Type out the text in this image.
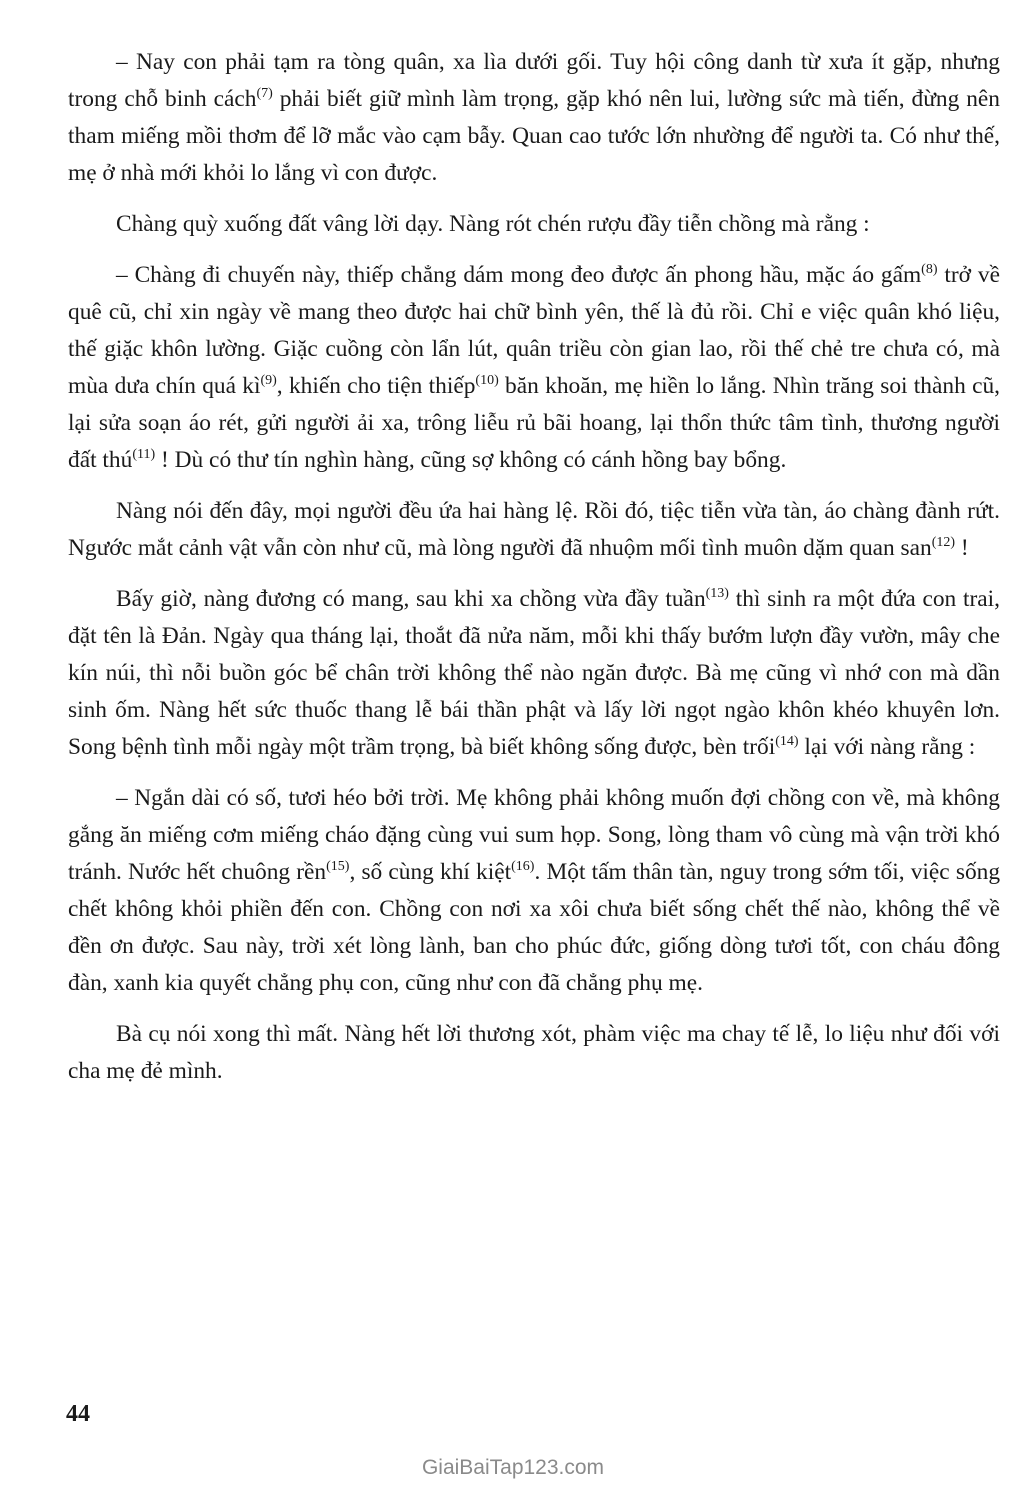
– Nay con phải tạm ra tòng quân, xa lìa dưới gối. Tuy hội công danh từ xưa ít gặp, nhưng trong chỗ binh cách$^{(7)}$ phải biết giữ mình làm trọng, gặp khó nên lui, lường sức mà tiến, đừng nên tham miếng mồi thơm để lỡ mắc vào cạm bẫy. Quan cao tước lớn nhường để người ta. Có như thế, mẹ ở nhà mới khỏi lo lắng vì con được.

Chàng quỳ xuống đất vâng lời dạy. Nàng rót chén rượu đầy tiễn chồng mà rằng :

– Chàng đi chuyến này, thiếp chẳng dám mong đeo được ấn phong hầu, mặc áo gấm$^{(8)}$ trở về quê cũ, chỉ xin ngày về mang theo được hai chữ bình yên, thế là đủ rồi. Chỉ e việc quân khó liệu, thế giặc khôn lường. Giặc cuồng còn lẩn lút, quân triều còn gian lao, rồi thế chẻ tre chưa có, mà mùa dưa chín quá $kì^{(9)}$, khiến cho tiện thiếp$^{(10)}$ băn khoăn, mẹ hiền lo lắng. Nhìn trăng soi thành cũ, lại sửa soạn áo rét, gửi người ải xa, trông liễu rủ bãi hoang, lại thổn thức tâm tình, thương người đất thú$^{(11)}$ ! Dù có thư tín nghìn hàng, cũng sợ không có cánh hồng bay bổng.

Nàng nói đến đây, mọi người đều ứa hai hàng lệ. Rồi đó, tiệc tiễn vừa tàn, áo chàng đành rứt. Ngước mắt cảnh vật vẫn còn như cũ, mà lòng người đã nhuộm mối tình muôn dặm quan san$^{(12)}$ !

Bấy giờ, nàng đương có mang, sau khi xa chồng vừa đầy tuần$^{(13)}$ thì sinh ra một đứa con trai, đặt tên là Đản. Ngày qua tháng lại, thoắt đã nửa năm, mỗi khi thấy bướm lượn đầy vườn, mây che kín núi, thì nỗi buồn góc bể chân trời không thể nào ngăn được. Bà mẹ cũng vì nhớ con mà dần sinh ốm. Nàng hết sức thuốc thang lễ bái thần phật và lấy lời ngọt ngào khôn khéo khuyên lơn. Song bệnh tình mỗi ngày một trầm trọng, bà biết không sống được, bèn trối$^{(14)}$ lại với nàng rằng :

– Ngắn dài có số, tươi héo bởi trời. Mẹ không phải không muốn đợi chồng con về, mà không gắng ăn miếng cơm miếng cháo đặng cùng vui sum họp. Song, lòng tham vô cùng mà vận trời khó tránh. Nước hết chuông rền$^{(15)}$, số cùng khí kiệt$^{(16)}$. Một tấm thân tàn, nguy trong sớm tối, việc sống chết không khỏi phiền đến con. Chồng con nơi xa xôi chưa biết sống chết thế nào, không thể về đền ơn được. Sau này, trời xét lòng lành, ban cho phúc đức, giống dòng tươi tốt, con cháu đông đàn, xanh kia quyết chẳng phụ con, cũng như con đã chẳng phụ mẹ.

Bà cụ nói xong thì mất. Nàng hết lời thương xót, phàm việc ma chay tế lễ, lo liệu như đối với cha mẹ đẻ mình.

44
GiaiBaiTap123.com
